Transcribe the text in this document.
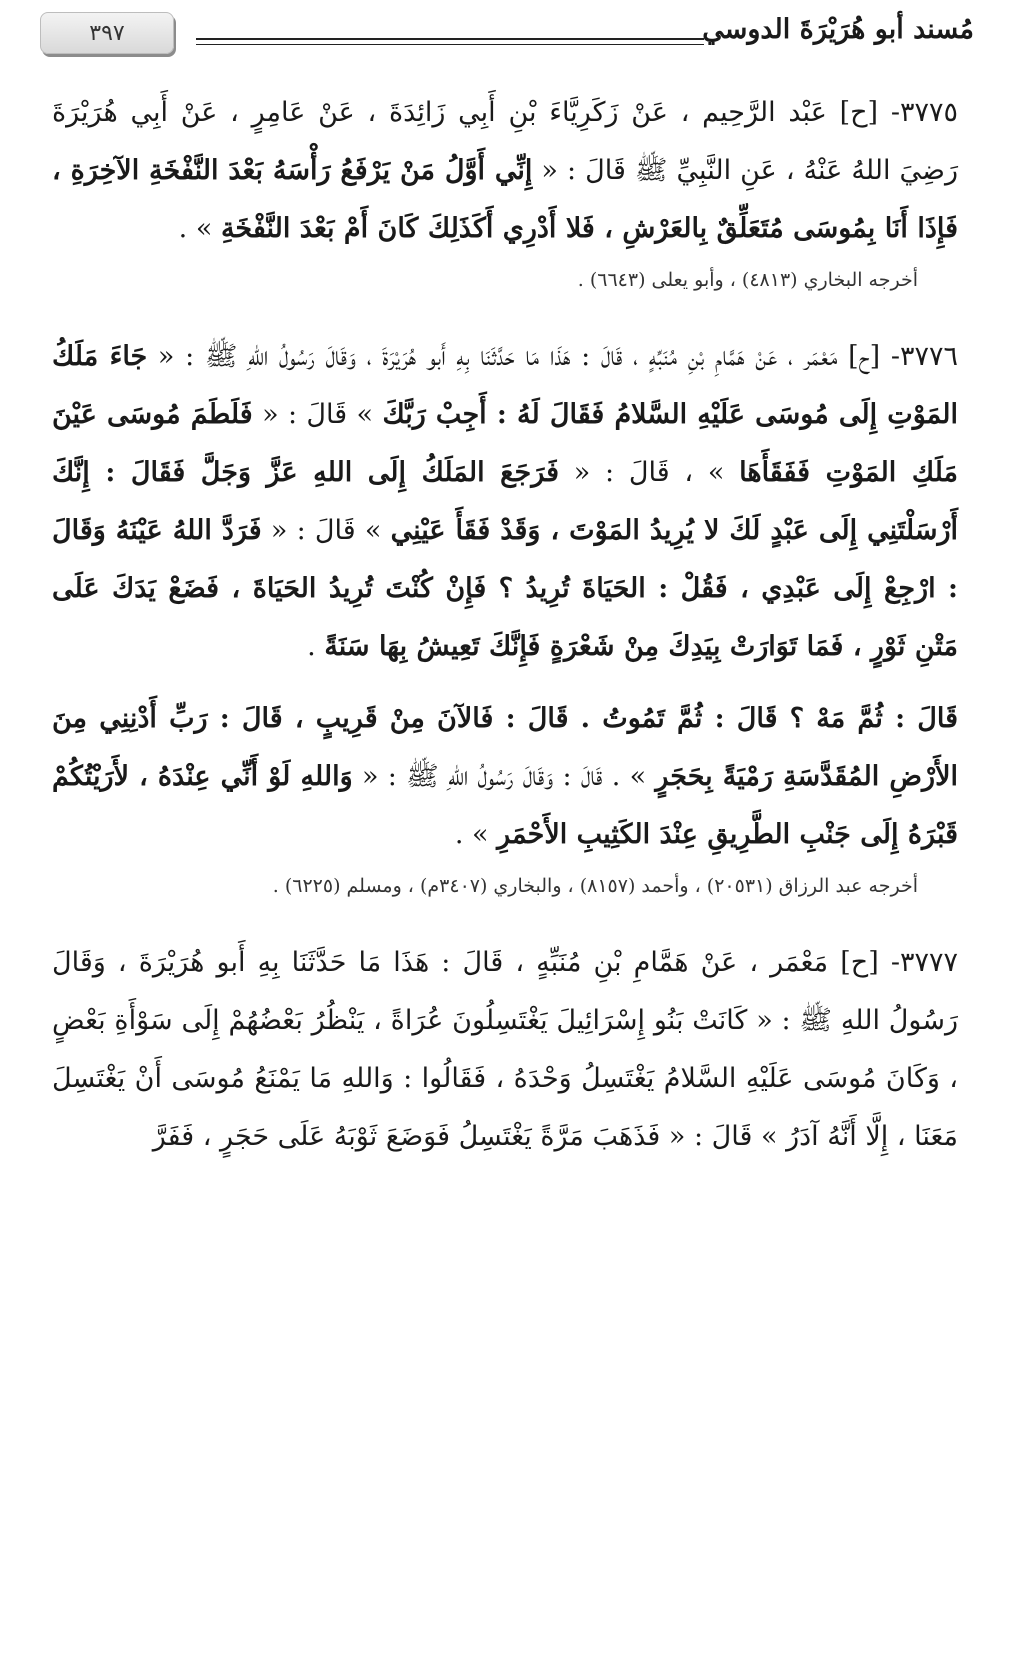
مُسند أبو هُرَيْرَةَ الدوسي
٣٩٧

٣٧٧٥- [ح] عَبْد الرَّحِيم ، عَنْ زَكَرِيَّاءَ بْنِ أَبِي زَائِدَةَ ، عَنْ عَامِرٍ ، عَنْ أَبِي هُرَيْرَةَ رَضِيَ اللهُ عَنْهُ ، عَنِ النَّبِيِّ ﷺ قَالَ : « إِنِّي أَوَّلُ مَنْ يَرْفَعُ رَأْسَهُ بَعْدَ النَّفْخَةِ الآخِرَةِ ، فَإِذَا أَنَا بِمُوسَى مُتَعَلِّقٌ بِالعَرْشِ ، فَلا أَدْرِي أَكَذَلِكَ كَانَ أَمْ بَعْدَ النَّفْخَةِ » .

أخرجه البخاري (٤٨١٣) ، وأبو يعلى (٦٦٤٣) .

٣٧٧٦- [ح] مَعْمَر ، عَنْ هَمَّامِ بْنِ مُنَبِّهٍ ، قَالَ : هَذَا مَا حَدَّثَنَا بِهِ أَبو هُرَيْرَةَ ، وَقَالَ رَسُولُ اللهِ ﷺ : « جَاءَ مَلَكُ المَوْتِ إِلَى مُوسَى عَلَيْهِ السَّلامُ فَقَالَ لَهُ : أَجِبْ رَبَّكَ » قَالَ : « فَلَطَمَ مُوسَى عَيْنَ مَلَكِ المَوْتِ فَفَقَأَهَا » ، قَالَ : « فَرَجَعَ المَلَكُ إِلَى اللهِ عَزَّ وَجَلَّ فَقَالَ : إِنَّكَ أَرْسَلْتَنِي إِلَى عَبْدٍ لَكَ لا يُرِيدُ المَوْتَ ، وَقَدْ فَقَأَ عَيْنِي » قَالَ : « فَرَدَّ اللهُ عَيْنَهُ وَقَالَ : ارْجِعْ إِلَى عَبْدِي ، فَقُلْ : الحَيَاةَ تُرِيدُ ؟ فَإِنْ كُنْتَ تُرِيدُ الحَيَاةَ ، فَضَعْ يَدَكَ عَلَى مَتْنِ ثَوْرٍ ، فَمَا تَوَارَتْ بِيَدِكَ مِنْ شَعْرَةٍ فَإِنَّكَ تَعِيشُ بِهَا سَنَةً .

قَالَ : ثُمَّ مَهْ ؟ قَالَ : ثُمَّ تَمُوتُ . قَالَ : فَالآنَ مِنْ قَرِيبٍ ، قَالَ : رَبِّ أَدْنِنِي مِنَ الأَرْضِ المُقَدَّسَةِ رَمْيَةً بِحَجَرٍ » . قَالَ : وَقَالَ رَسُولُ اللهِ ﷺ : « وَاللهِ لَوْ أَنِّي عِنْدَهُ ، لأَرَيْتُكُمْ قَبْرَهُ إِلَى جَنْبِ الطَّرِيقِ عِنْدَ الكَثِيبِ الأَحْمَرِ » .

أخرجه عبد الرزاق (٢٠٥٣١) ، وأحمد (٨١٥٧) ، والبخاري (٣٤٠٧م) ، ومسلم (٦٢٢٥) .

٣٧٧٧- [ح] مَعْمَر ، عَنْ هَمَّامِ بْنِ مُنَبِّهٍ ، قَالَ : هَذَا مَا حَدَّثَنَا بِهِ أَبو هُرَيْرَةَ ، وَقَالَ رَسُولُ اللهِ ﷺ : « كَانَتْ بَنُو إِسْرَائِيلَ يَغْتَسِلُونَ عُرَاةً ، يَنْظُرُ بَعْضُهُمْ إِلَى سَوْأَةِ بَعْضٍ ، وَكَانَ مُوسَى عَلَيْهِ السَّلامُ يَغْتَسِلُ وَحْدَهُ ، فَقَالُوا : وَاللهِ مَا يَمْنَعُ مُوسَى أَنْ يَغْتَسِلَ مَعَنَا ، إِلَّا أَنَّهُ آدَرُ » قَالَ : « فَذَهَبَ مَرَّةً يَغْتَسِلُ فَوَضَعَ ثَوْبَهُ عَلَى حَجَرٍ ، فَفَرَّ
